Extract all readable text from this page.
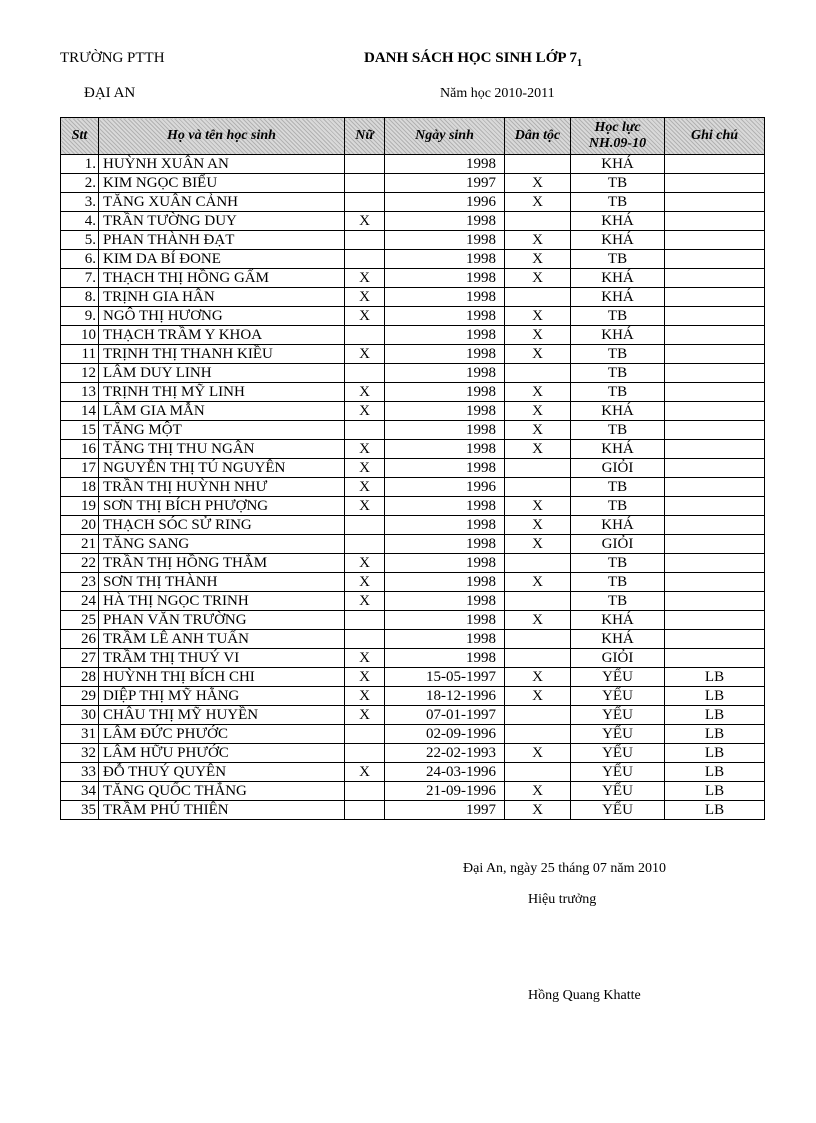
TRƯỜNG PTTH
ĐẠI AN
DANH SÁCH HỌC SINH LỚP $7_1$
Năm học 2010-2011
Stt	Họ và tên học sinh	Nữ	Ngày sinh	Dân tộc	Học lực NH.09-10	Ghi chú
1.	HUỲNH XUÂN AN		1998		KHÁ	
2.	KIM NGỌC BIỂU		1997	X	TB	
3.	TĂNG XUÂN CẢNH		1996	X	TB	
4.	TRẦN TƯỜNG DUY	X	1998		KHÁ	
5.	PHAN THÀNH ĐẠT		1998	X	KHÁ	
6.	KIM DA BÍ ĐONE		1998	X	TB	
7.	THẠCH THỊ HỒNG GẤM	X	1998	X	KHÁ	
8.	TRỊNH GIA HÂN	X	1998		KHÁ	
9.	NGÔ THỊ HƯƠNG	X	1998	X	TB	
10	THẠCH TRẦM Y KHOA		1998	X	KHÁ	
11	TRỊNH THỊ THANH KIỀU	X	1998	X	TB	
12	LÂM DUY LINH		1998		TB	
13	TRỊNH THỊ MỸ LINH	X	1998	X	TB	
14	LÂM GIA MẪN	X	1998	X	KHÁ	
15	TĂNG MỘT		1998	X	TB	
16	TĂNG THỊ THU NGÂN	X	1998	X	KHÁ	
17	NGUYỄN THỊ TÚ NGUYÊN	X	1998		GIỎI	
18	TRẦN THỊ HUỲNH NHƯ	X	1996		TB	
19	SƠN THỊ BÍCH PHƯỢNG	X	1998	X	TB	
20	THẠCH SÓC SỬ RING		1998	X	KHÁ	
21	TĂNG SANG		1998	X	GIỎI	
22	TRẦN THỊ HỒNG THẮM	X	1998		TB	
23	SƠN THỊ THÀNH	X	1998	X	TB	
24	HÀ THỊ NGỌC TRINH	X	1998		TB	
25	PHAN VĂN TRƯỜNG		1998	X	KHÁ	
26	TRẦM LÊ ANH TUẤN		1998		KHÁ	
27	TRẦM THỊ THUÝ VI	X	1998		GIỎI	
28	HUỲNH THỊ BÍCH CHI	X	15-05-1997	X	YẾU	LB
29	DIỆP THỊ MỸ HẰNG	X	18-12-1996	X	YẾU	LB
30	CHÂU THỊ MỸ HUYỀN	X	07-01-1997		YẾU	LB
31	LÂM ĐỨC PHƯỚC		02-09-1996		YẾU	LB
32	LÂM HỮU PHƯỚC		22-02-1993	X	YẾU	LB
33	ĐỖ THUÝ QUYÊN	X	24-03-1996		YẾU	LB
34	TĂNG QUỐC THẮNG		21-09-1996	X	YẾU	LB
35	TRẦM PHÚ THIÊN		1997	X	YẾU	LB
Đại An, ngày 25 tháng 07 năm 2010
Hiệu trưởng
Hồng Quang Khatte
